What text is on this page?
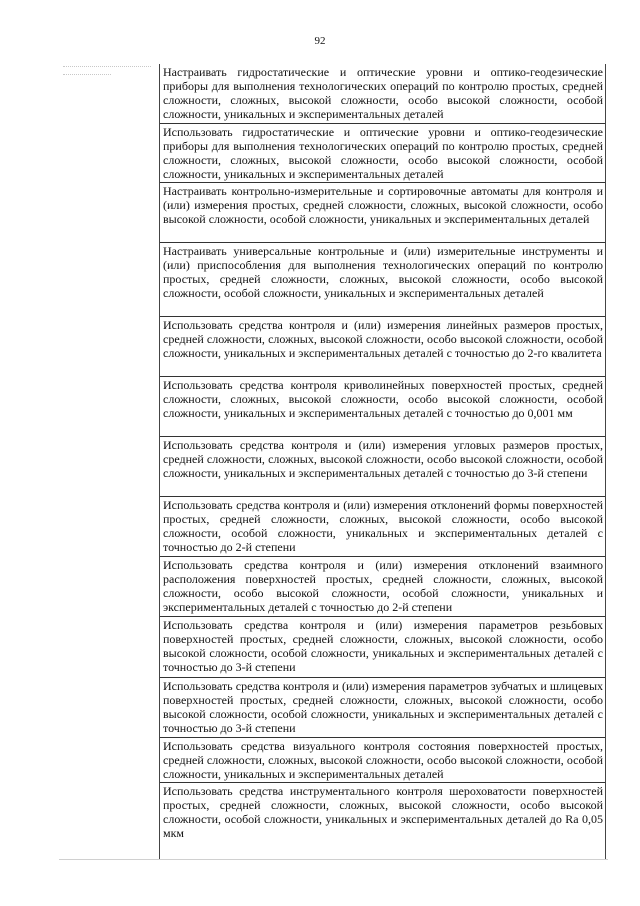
92
Настраивать гидростатические и оптические уровни и оптико-геодезические приборы для выполнения технологических операций по контролю простых, средней сложности, сложных, высокой сложности, особо высокой сложности, особой сложности, уникальных и экспериментальных деталей
Использовать гидростатические и оптические уровни и оптико-геодезические приборы для выполнения технологических операций по контролю простых, средней сложности, сложных, высокой сложности, особо высокой сложности, особой сложности, уникальных и экспериментальных деталей
Настраивать контрольно-измерительные и сортировочные автоматы для контроля и (или) измерения простых, средней сложности, сложных, высокой сложности, особо высокой сложности, особой сложности, уникальных и экспериментальных деталей
Настраивать универсальные контрольные и (или) измерительные инструменты и (или) приспособления для выполнения технологических операций по контролю простых, средней сложности, сложных, высокой сложности, особо высокой сложности, особой сложности, уникальных и экспериментальных деталей
Использовать средства контроля и (или) измерения линейных размеров простых, средней сложности, сложных, высокой сложности, особо высокой сложности, особой сложности, уникальных и экспериментальных деталей с точностью до 2-го квалитета
Использовать средства контроля криволинейных поверхностей простых, средней сложности, сложных, высокой сложности, особо высокой сложности, особой сложности, уникальных и экспериментальных деталей с точностью до 0,001 мм
Использовать средства контроля и (или) измерения угловых размеров простых, средней сложности, сложных, высокой сложности, особо высокой сложности, особой сложности, уникальных и экспериментальных деталей с точностью до 3-й степени
Использовать средства контроля и (или) измерения отклонений формы поверхностей простых, средней сложности, сложных, высокой сложности, особо высокой сложности, особой сложности, уникальных и экспериментальных деталей с точностью до 2-й степени
Использовать средства контроля и (или) измерения отклонений взаимного расположения поверхностей простых, средней сложности, сложных, высокой сложности, особо высокой сложности, особой сложности, уникальных и экспериментальных деталей с точностью до 2-й степени
Использовать средства контроля и (или) измерения параметров резьбовых поверхностей простых, средней сложности, сложных, высокой сложности, особо высокой сложности, особой сложности, уникальных и экспериментальных деталей с точностью до 3-й степени
Использовать средства контроля и (или) измерения параметров зубчатых и шлицевых поверхностей простых, средней сложности, сложных, высокой сложности, особо высокой сложности, особой сложности, уникальных и экспериментальных деталей с точностью до 3-й степени
Использовать средства визуального контроля состояния поверхностей простых, средней сложности, сложных, высокой сложности, особо высокой сложности, особой сложности, уникальных и экспериментальных деталей
Использовать средства инструментального контроля шероховатости поверхностей простых, средней сложности, сложных, высокой сложности, особо высокой сложности, особой сложности, уникальных и экспериментальных деталей до Ra 0,05 мкм
